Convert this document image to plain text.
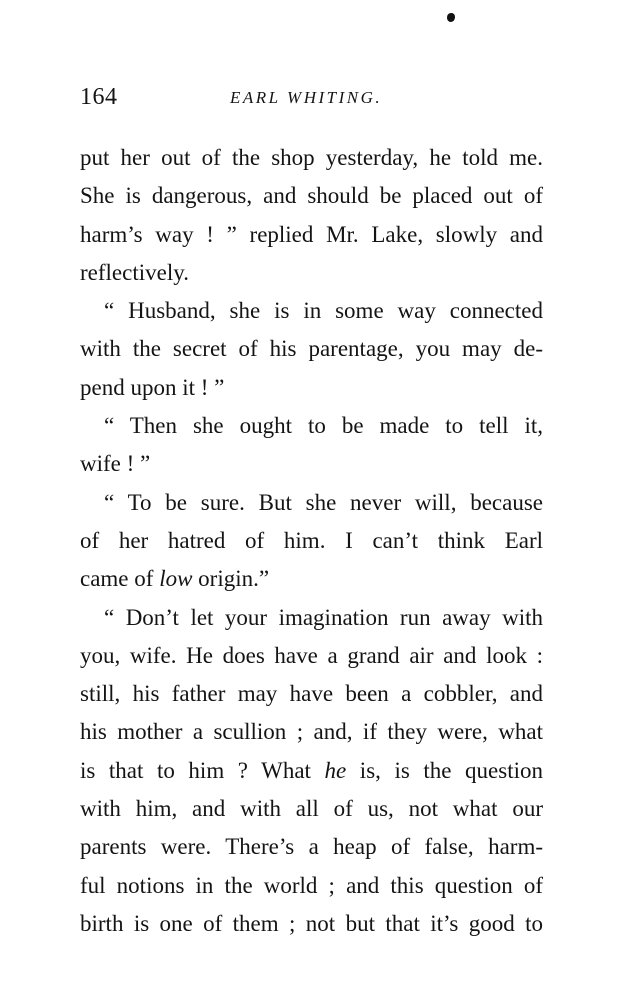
164	EARL WHITING.
put her out of the shop yesterday, he told me.
She is dangerous, and should be placed out of
harm’s way ! ” replied Mr. Lake, slowly and
reflectively.
“ Husband, she is in some way connected
with the secret of his parentage, you may de-
pend upon it ! ”
“ Then she ought to be made to tell it,
wife ! ”
“ To be sure. But she never will, because
of her hatred of him. I can’t think Earl
came of low origin.”
“ Don’t let your imagination run away with
you, wife. He does have a grand air and look :
still, his father may have been a cobbler, and
his mother a scullion ; and, if they were, what
is that to him ? What he is, is the question
with him, and with all of us, not what our
parents were. There’s a heap of false, harm-
ful notions in the world ; and this question of
birth is one of them ; not but that it’s good to
